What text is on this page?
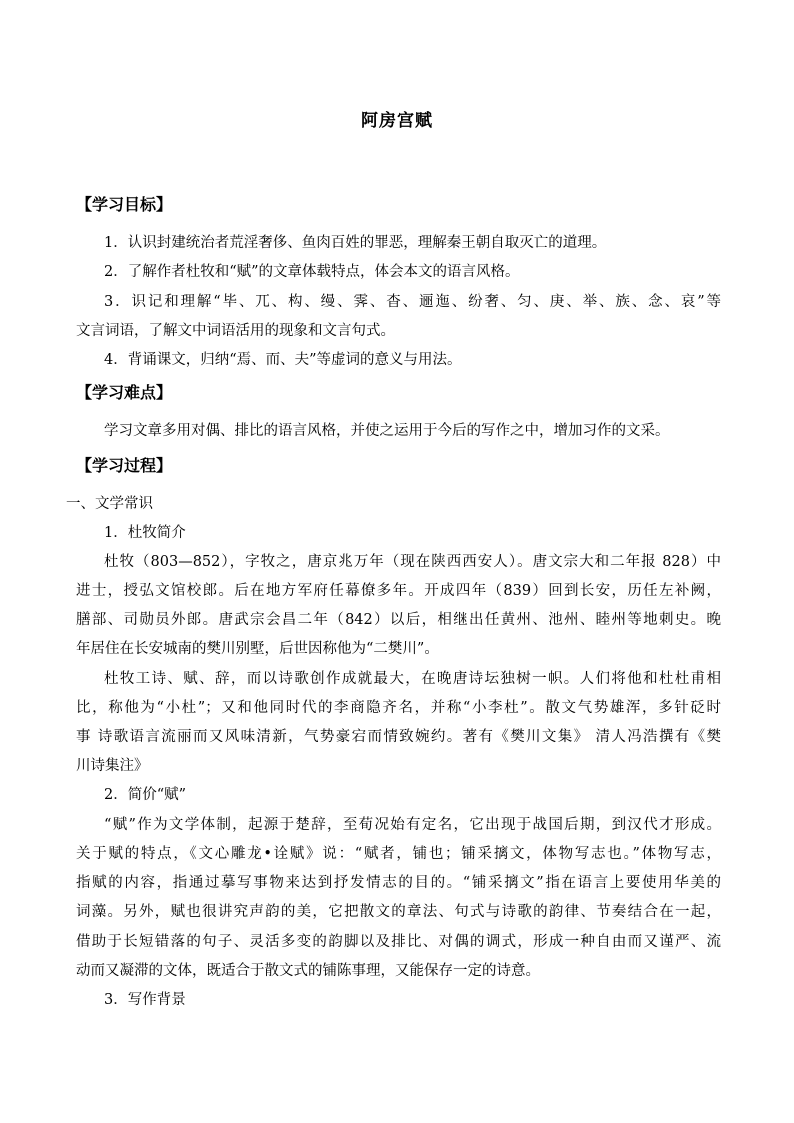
阿房宫赋
【学习目标】
1．认识封建统治者荒淫奢侈、鱼肉百姓的罪恶，理解秦王朝自取灭亡的道理。
2．了解作者杜牧和“赋”的文章体载特点，体会本文的语言风格。
3．识记和理解“毕、兀、构、缦、霁、杳、逦迤、纷奢、匀、庚、举、族、念、哀”等
文言词语，了解文中词语活用的现象和文言句式。
4．背诵课文，归纳“焉、而、夫”等虚词的意义与用法。
【学习难点】
学习文章多用对偶、排比的语言风格，并使之运用于今后的写作之中，增加习作的文采。
【学习过程】
一、文学常识
1．杜牧简介
杜牧（803—852），字牧之，唐京兆万年（现在陕西西安人）。唐文宗大和二年报 828）中
进士，授弘文馆校郎。后在地方军府任幕僚多年。开成四年（839）回到长安，历任左补阙，
膳部、司勋员外郎。唐武宗会昌二年（842）以后，相继出任黄州、池州、睦州等地刺史。晚
年居住在长安城南的樊川别墅，后世因称他为“二樊川”。
杜牧工诗、赋、辞，而以诗歌创作成就最大，在晚唐诗坛独树一帜。人们将他和杜杜甫相
比，称他为“小杜”；又和他同时代的李商隐齐名，并称“小李杜”。散文气势雄浑，多针砭时
事 诗歌语言流丽而又风味清新，气势豪宕而情致婉约。著有《樊川文集》 清人冯浩撰有《樊
川诗集注》
2．简价“赋”
“赋”作为文学体制，起源于楚辞，至荀况始有定名，它出现于战国后期，到汉代才形成。
关于赋的特点，《文心雕龙•诠赋》说：“赋者，铺也；铺采摛文，体物写志也。”体物写志，
指赋的内容，指通过摹写事物来达到抒发情志的目的。“铺采摛文”指在语言上要使用华美的
词藻。另外，赋也很讲究声韵的美，它把散文的章法、句式与诗歌的韵律、节奏结合在一起，
借助于长短错落的句子、灵活多变的韵脚以及排比、对偶的调式，形成一种自由而又谨严、流
动而又凝滞的文体，既适合于散文式的铺陈事理，又能保存一定的诗意。
3．写作背景
